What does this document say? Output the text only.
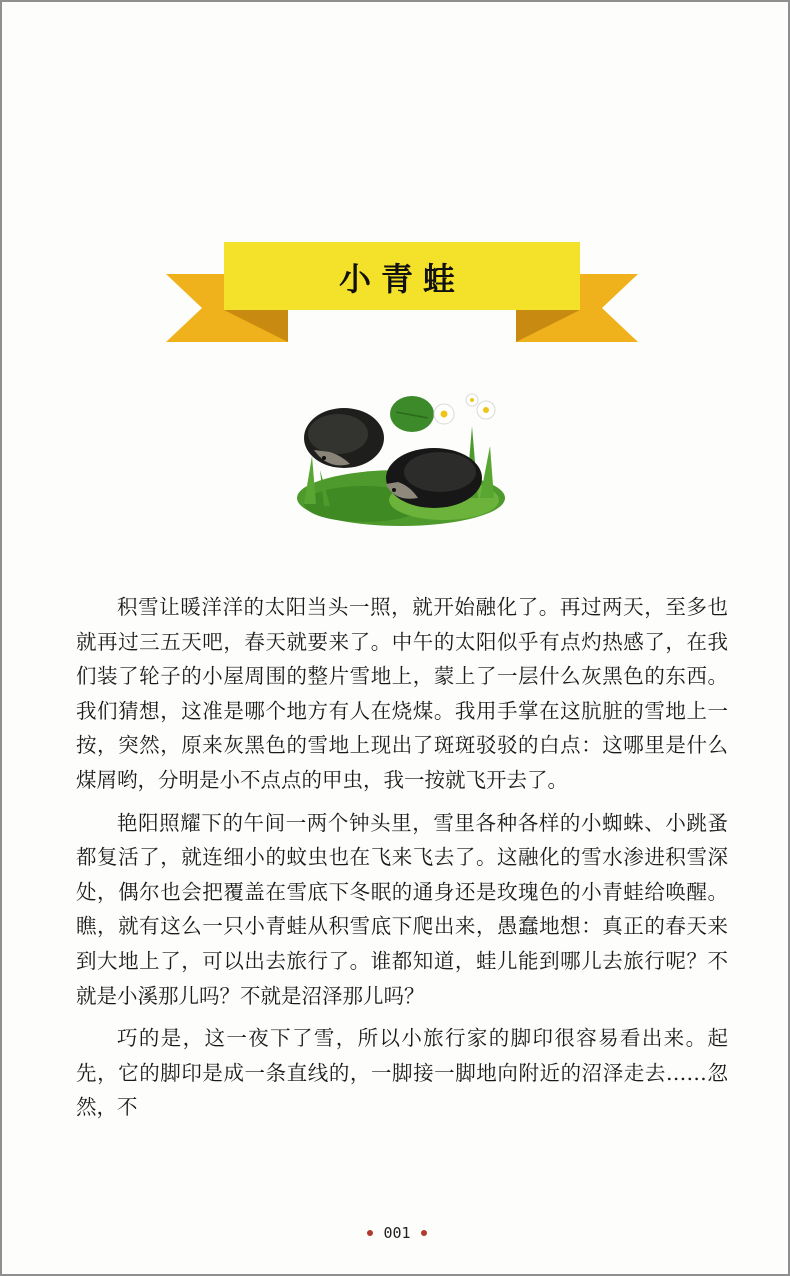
小青蛙

积雪让暖洋洋的太阳当头一照，就开始融化了。再过两天，至多也就再过三五天吧，春天就要来了。中午的太阳似乎有点灼热感了，在我们装了轮子的小屋周围的整片雪地上，蒙上了一层什么灰黑色的东西。我们猜想，这准是哪个地方有人在烧煤。我用手掌在这肮脏的雪地上一按，突然，原来灰黑色的雪地上现出了斑斑驳驳的白点：这哪里是什么煤屑哟，分明是小不点点的甲虫，我一按就飞开去了。

艳阳照耀下的午间一两个钟头里，雪里各种各样的小蜘蛛、小跳蚤都复活了，就连细小的蚊虫也在飞来飞去了。这融化的雪水渗进积雪深处，偶尔也会把覆盖在雪底下冬眠的通身还是玫瑰色的小青蛙给唤醒。瞧，就有这么一只小青蛙从积雪底下爬出来，愚蠢地想：真正的春天来到大地上了，可以出去旅行了。谁都知道，蛙儿能到哪儿去旅行呢？不就是小溪那儿吗？不就是沼泽那儿吗？

巧的是，这一夜下了雪，所以小旅行家的脚印很容易看出来。起先，它的脚印是成一条直线的，一脚接一脚地向附近的沼泽走去……忽然，不

001
